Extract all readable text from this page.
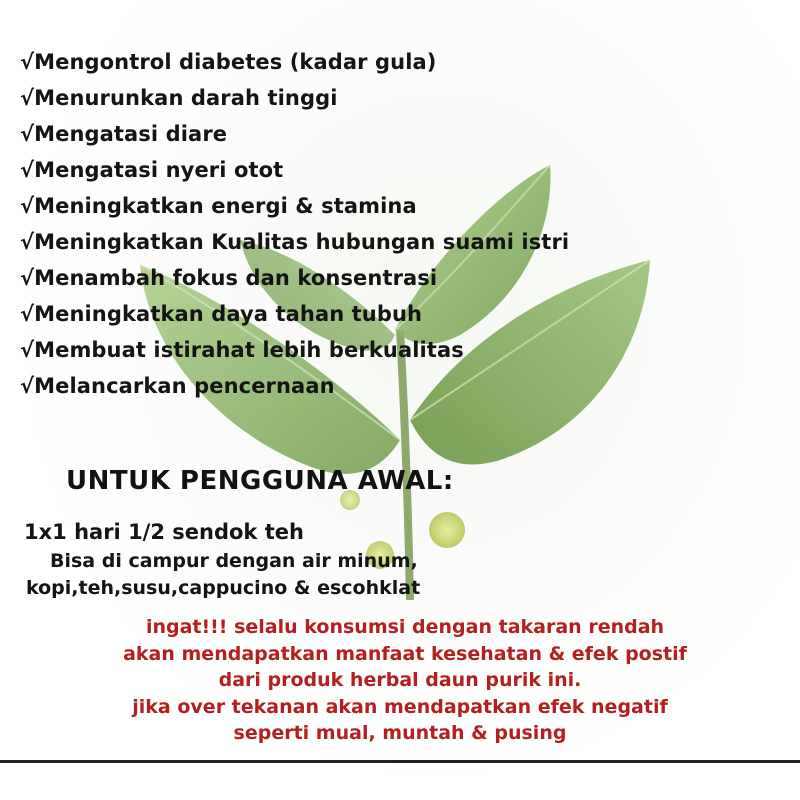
√Mengontrol diabetes (kadar gula)
√Menurunkan darah tinggi
√Mengatasi diare
√Mengatasi nyeri otot
√Meningkatkan energi & stamina
√Meningkatkan Kualitas hubungan suami istri
√Menambah fokus dan konsentrasi
√Meningkatkan daya tahan tubuh
√Membuat istirahat lebih berkualitas
√Melancarkan pencernaan
UNTUK PENGGUNA AWAL:
1x1 hari 1/2 sendok teh
Bisa di campur dengan air minum,
kopi,teh,susu,cappucino & escohklat
ingat!!! selalu konsumsi dengan takaran rendah
akan mendapatkan manfaat kesehatan & efek postif
dari produk herbal daun purik ini.
jika over tekanan akan mendapatkan efek negatif
seperti mual, muntah & pusing
